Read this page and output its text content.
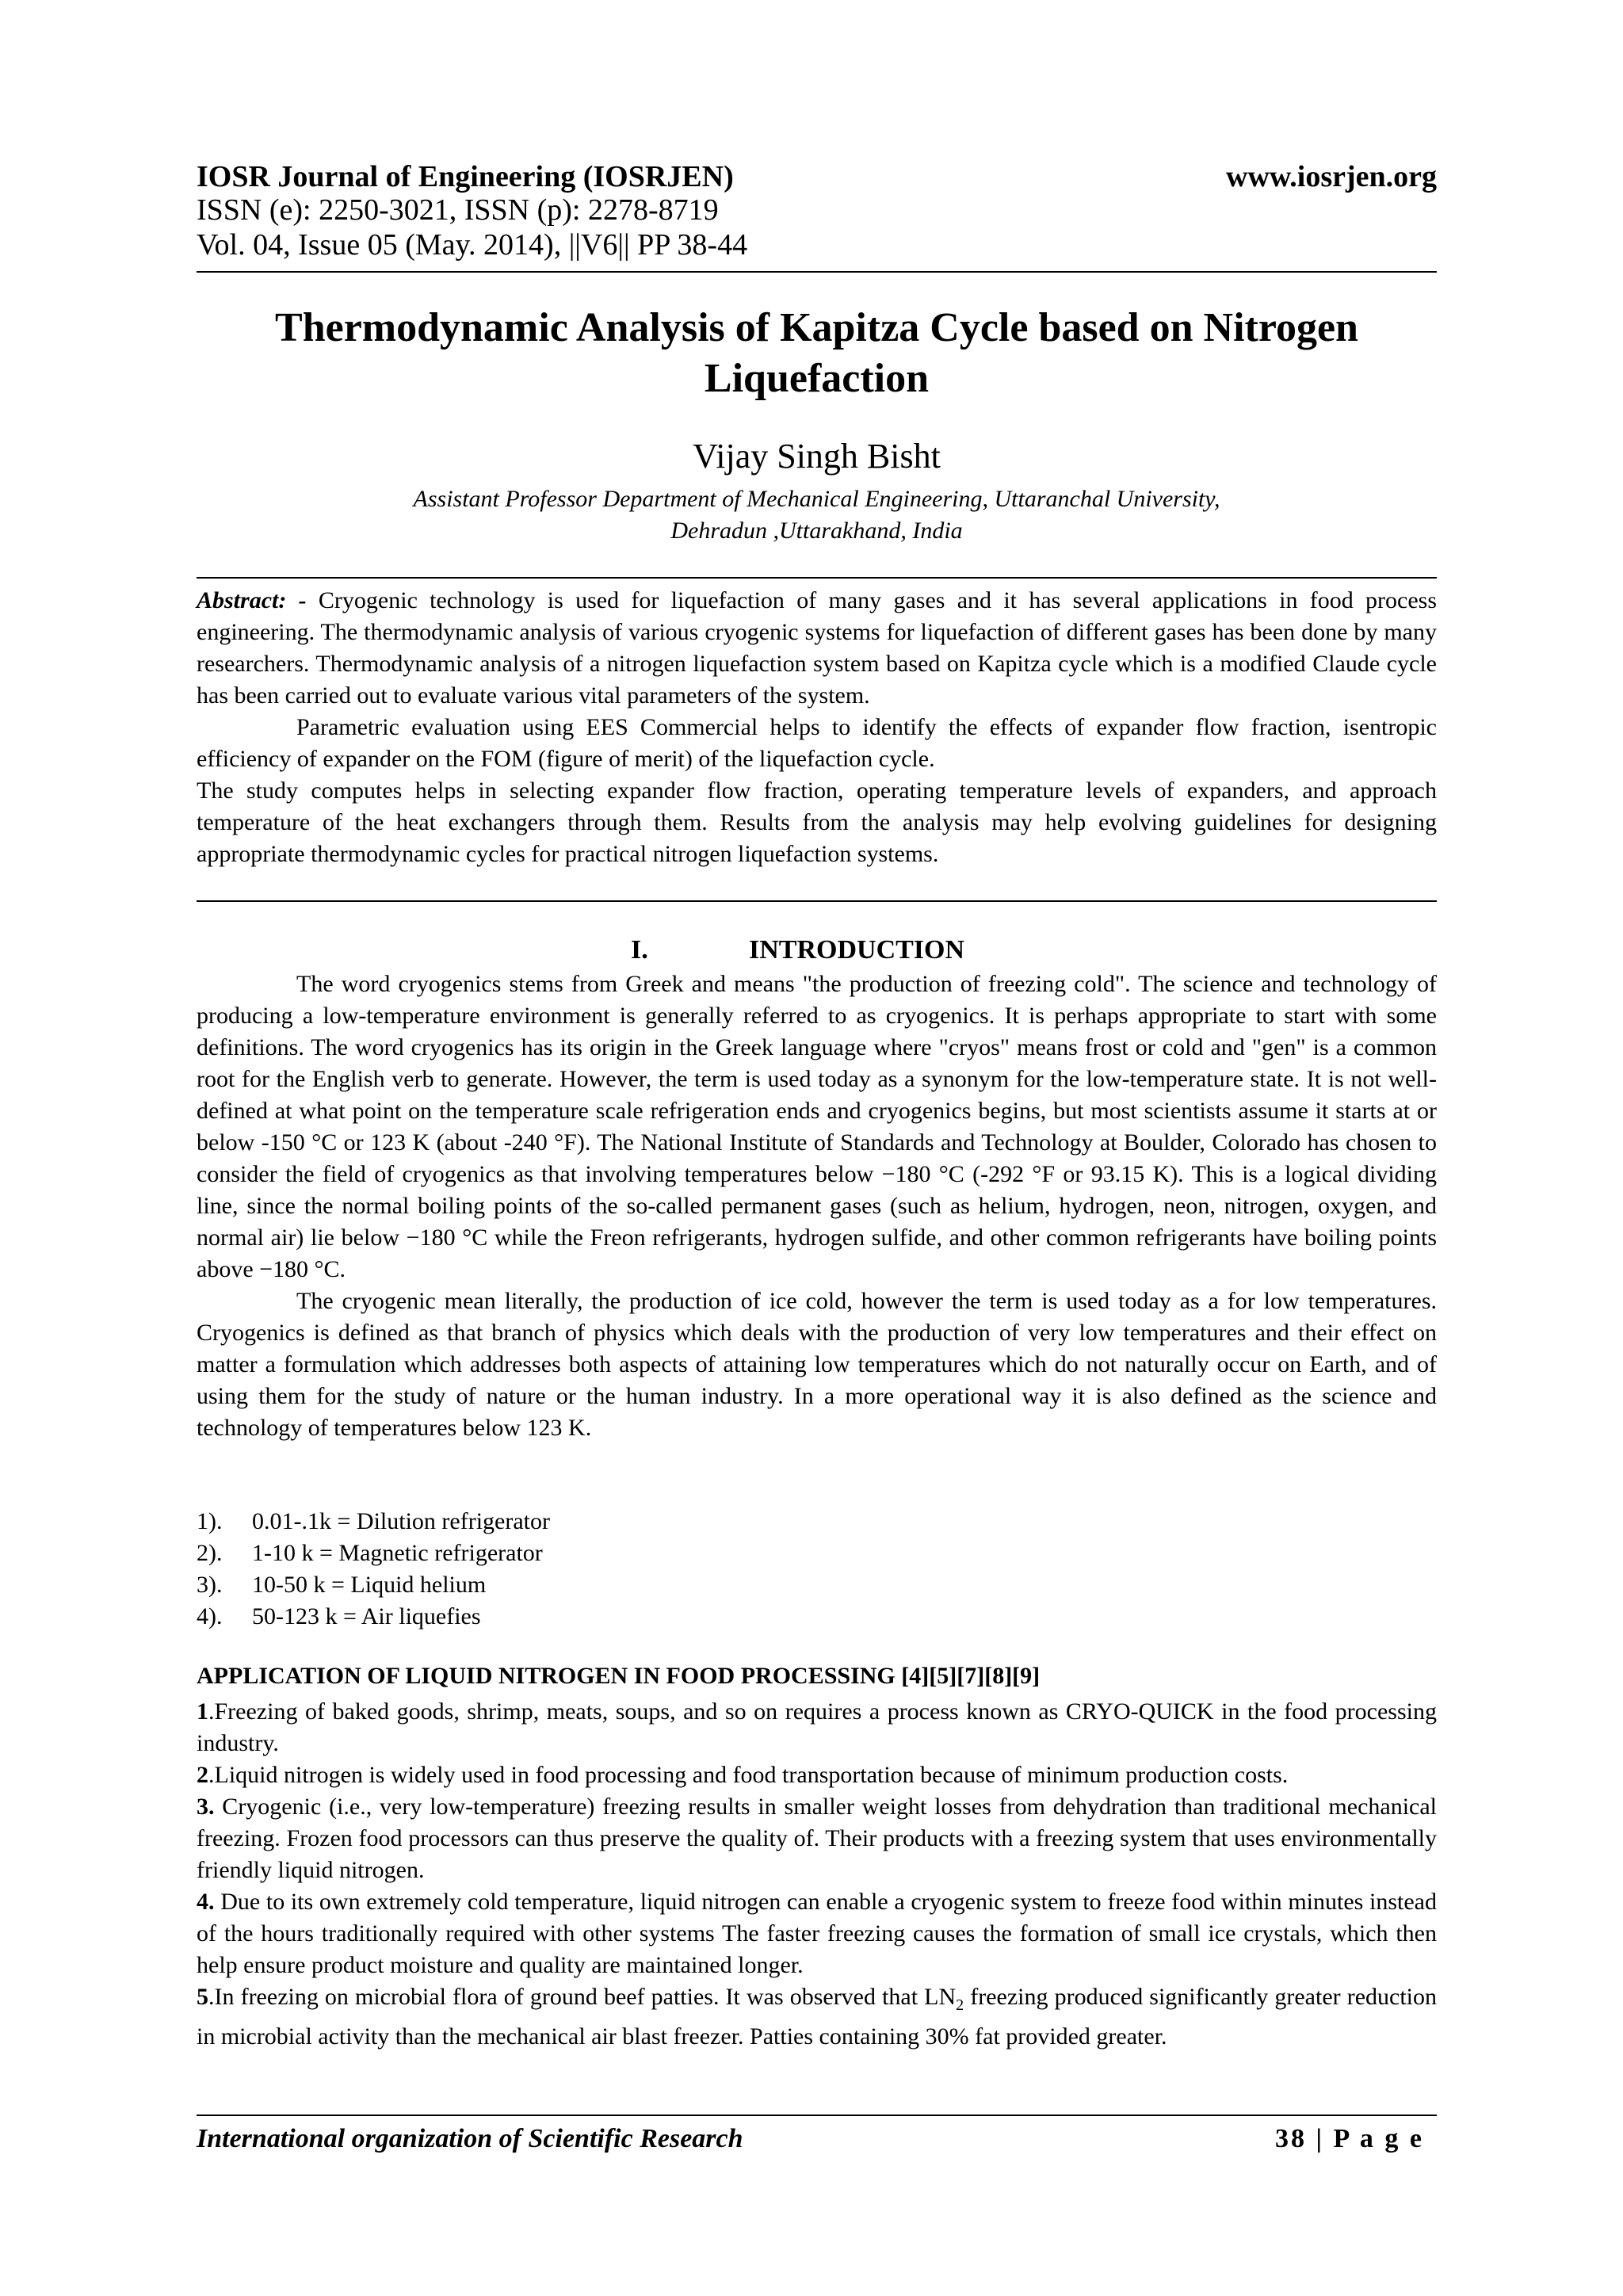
IOSR Journal of Engineering (IOSRJEN)	www.iosrjen.org
ISSN (e): 2250-3021, ISSN (p): 2278-8719
Vol. 04, Issue 05 (May. 2014), ||V6|| PP 38-44
Thermodynamic Analysis of Kapitza Cycle based on Nitrogen
Liquefaction
Vijay Singh Bisht
Assistant Professor Department of Mechanical Engineering, Uttaranchal University,
Dehradun ,Uttarakhand, India

Abstract: - Cryogenic technology is used for liquefaction of many gases and it has several applications in food process engineering. The thermodynamic analysis of various cryogenic systems for liquefaction of different gases has been done by many researchers. Thermodynamic analysis of a nitrogen liquefaction system based on Kapitza cycle which is a modified Claude cycle has been carried out to evaluate various vital parameters of the system.

Parametric evaluation using EES Commercial helps to identify the effects of expander flow fraction, isentropic efficiency of expander on the FOM (figure of merit) of the liquefaction cycle.

The study computes helps in selecting expander flow fraction, operating temperature levels of expanders, and approach temperature of the heat exchangers through them. Results from the analysis may help evolving guidelines for designing appropriate thermodynamic cycles for practical nitrogen liquefaction systems.

I.	INTRODUCTION

The word cryogenics stems from Greek and means "the production of freezing cold". The science and technology of producing a low-temperature environment is generally referred to as cryogenics. It is perhaps appropriate to start with some definitions. The word cryogenics has its origin in the Greek language where "cryos" means frost or cold and "gen" is a common root for the English verb to generate. However, the term is used today as a synonym for the low-temperature state. It is not well-defined at what point on the temperature scale refrigeration ends and cryogenics begins, but most scientists assume it starts at or below -150 °C or 123 K (about -240 °F). The National Institute of Standards and Technology at Boulder, Colorado has chosen to consider the field of cryogenics as that involving temperatures below −180 °C (-292 °F or 93.15 K). This is a logical dividing line, since the normal boiling points of the so-called permanent gases (such as helium, hydrogen, neon, nitrogen, oxygen, and normal air) lie below −180 °C while the Freon refrigerants, hydrogen sulfide, and other common refrigerants have boiling points above −180 °C.

The cryogenic mean literally, the production of ice cold, however the term is used today as a for low temperatures. Cryogenics is defined as that branch of physics which deals with the production of very low temperatures and their effect on matter a formulation which addresses both aspects of attaining low temperatures which do not naturally occur on Earth, and of using them for the study of nature or the human industry. In a more operational way it is also defined as the science and technology of temperatures below 123 K.

1).	0.01-.1k = Dilution refrigerator
2).	1-10 k = Magnetic refrigerator
3).	10-50 k = Liquid helium
4).	50-123 k = Air liquefies
APPLICATION OF LIQUID NITROGEN IN FOOD PROCESSING [4][5][7][8][9]

1.Freezing of baked goods, shrimp, meats, soups, and so on requires a process known as CRYO-QUICK in the food processing industry.

2.Liquid nitrogen is widely used in food processing and food transportation because of minimum production costs.

3. Cryogenic (i.e., very low-temperature) freezing results in smaller weight losses from dehydration than traditional mechanical freezing. Frozen food processors can thus preserve the quality of. Their products with a freezing system that uses environmentally friendly liquid nitrogen.

4. Due to its own extremely cold temperature, liquid nitrogen can enable a cryogenic system to freeze food within minutes instead of the hours traditionally required with other systems The faster freezing causes the formation of small ice crystals, which then help ensure product moisture and quality are maintained longer.

5.In freezing on microbial flora of ground beef patties. It was observed that $LN_2$ freezing produced significantly greater reduction in microbial activity than the mechanical air blast freezer. Patties containing 30% fat provided greater.

International organization of Scientific Research	38 | P a g e
